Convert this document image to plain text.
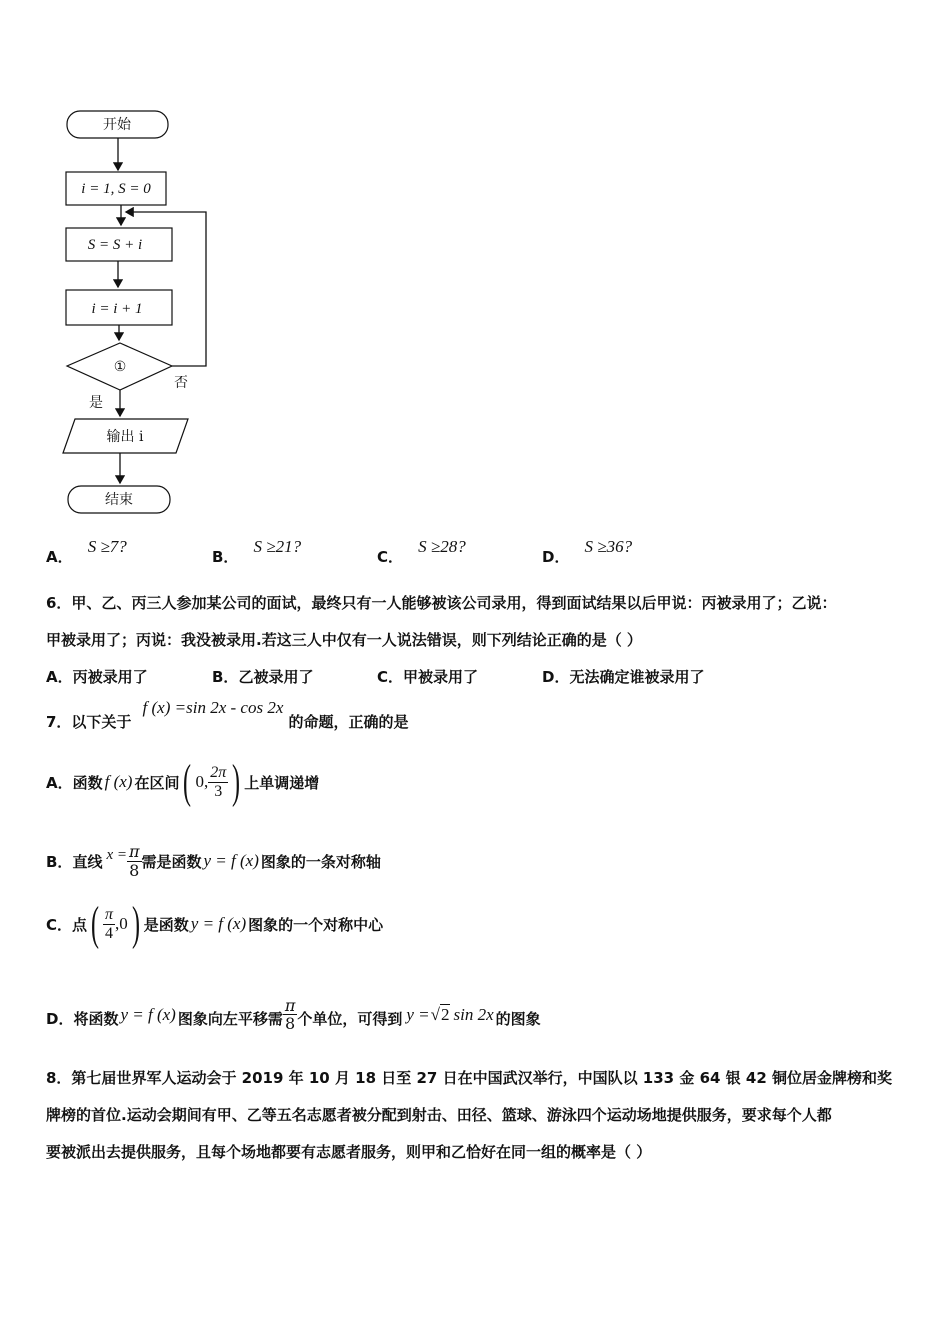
开始
i = 1, S = 0
S = S + i
i = i + 1
①
否
是
输出 i
结束
A． S ≥7?
B． S ≥21?
C． S ≥28?
D． S ≥36?
6．甲、乙、丙三人参加某公司的面试，最终只有一人能够被该公司录用，得到面试结果以后甲说：丙被录用了；乙说：
甲被录用了；丙说：我没被录用.若这三人中仅有一人说法错误，则下列结论正确的是（ ）
A．丙被录用了	B．乙被录用了	C．甲被录用了	D．无法确定谁被录用了
7．以下关于 f (x) =sin 2x - cos 2x 的命题，正确的是
A． 函数 f (x) 在区间 ( 0, $\frac{2\pi}{3}$ ) 上单调递增
B． 直线 $x = \frac{\pi}{8}$ 需是函数 y = f (x) 图象的一条对称轴
C． 点 ( $\frac{\pi}{4} ,0$ ) 是函数 y = f (x) 图象的一个对称中心
D． 将函数 y = f (x) 图象向左平移需 $\frac{\pi}{8}$ 个单位，可得到 y = √2 sin 2x 的图象
8．第七届世界军人运动会于 2019 年 10 月 18 日至 27 日在中国武汉举行，中国队以 133 金 64 银 42 铜位居金牌榜和奖
牌榜的首位.运动会期间有甲、乙等五名志愿者被分配到射击、田径、篮球、游泳四个运动场地提供服务，要求每个人都
要被派出去提供服务，且每个场地都要有志愿者服务，则甲和乙恰好在同一组的概率是（ ）
